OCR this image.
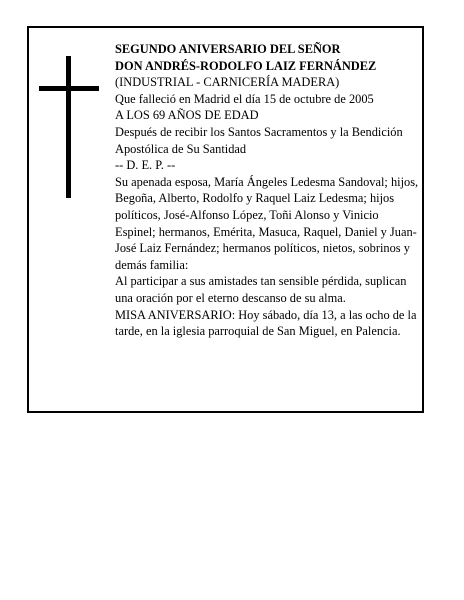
SEGUNDO ANIVERSARIO DEL SEÑOR

DON ANDRÉS-RODOLFO LAIZ FERNÁNDEZ

(INDUSTRIAL - CARNICERÍA MADERA)

Que falleció en Madrid el día 15 de octubre de 2005

A LOS 69 AÑOS DE EDAD

Después de recibir los Santos Sacramentos y la Bendición Apostólica de Su Santidad

-- D. E. P. --

Su apenada esposa, María Ángeles Ledesma Sandoval; hijos, Begoña, Alberto, Rodolfo y Raquel Laiz Ledesma; hijos políticos, José-Alfonso López, Toñi Alonso y Vinicio Espinel; hermanos, Emérita, Masuca, Raquel, Daniel y Juan-José Laiz Fernández; hermanos políticos, nietos, sobrinos y demás familia:

Al participar a sus amistades tan sensible pérdida, suplican una oración por el eterno descanso de su alma.

MISA ANIVERSARIO: Hoy sábado, día 13, a las ocho de la tarde, en la iglesia parroquial de San Miguel, en Palencia.
